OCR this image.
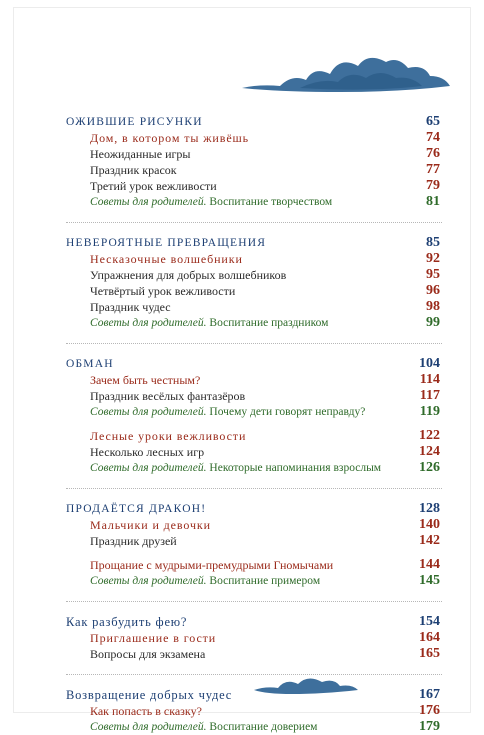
ОЖИВШИЕ РИСУНКИ	65
Дом, в котором ты живёшь	74
Неожиданные игры	76
Праздник красок	77
Третий урок вежливости	79
Советы для родителей. Воспитание творчеством	81
НЕВЕРОЯТНЫЕ ПРЕВРАЩЕНИЯ	85
Несказочные волшебники	92
Упражнения для добрых волшебников	95
Четвёртый урок вежливости	96
Праздник чудес	98
Советы для родителей. Воспитание праздником	99
ОБМАН	104
Зачем быть честным?	114
Праздник весёлых фантазёров	117
Советы для родителей. Почему дети говорят неправду?	119
Лесные уроки вежливости	122
Несколько лесных игр	124
Советы для родителей. Некоторые напоминания взрослым	126
ПРОДАЁТСЯ ДРАКОН!	128
Мальчики и девочки	140
Праздник друзей	142
Прощание с мудрыми-премудрыми Гномычами	144
Советы для родителей. Воспитание примером	145
Как разбудить фею?	154
Приглашение в гости	164
Вопросы для экзамена	165
Возвращение добрых чудес	167
Как попасть в сказку?	176
Советы для родителей. Воспитание доверием	179
